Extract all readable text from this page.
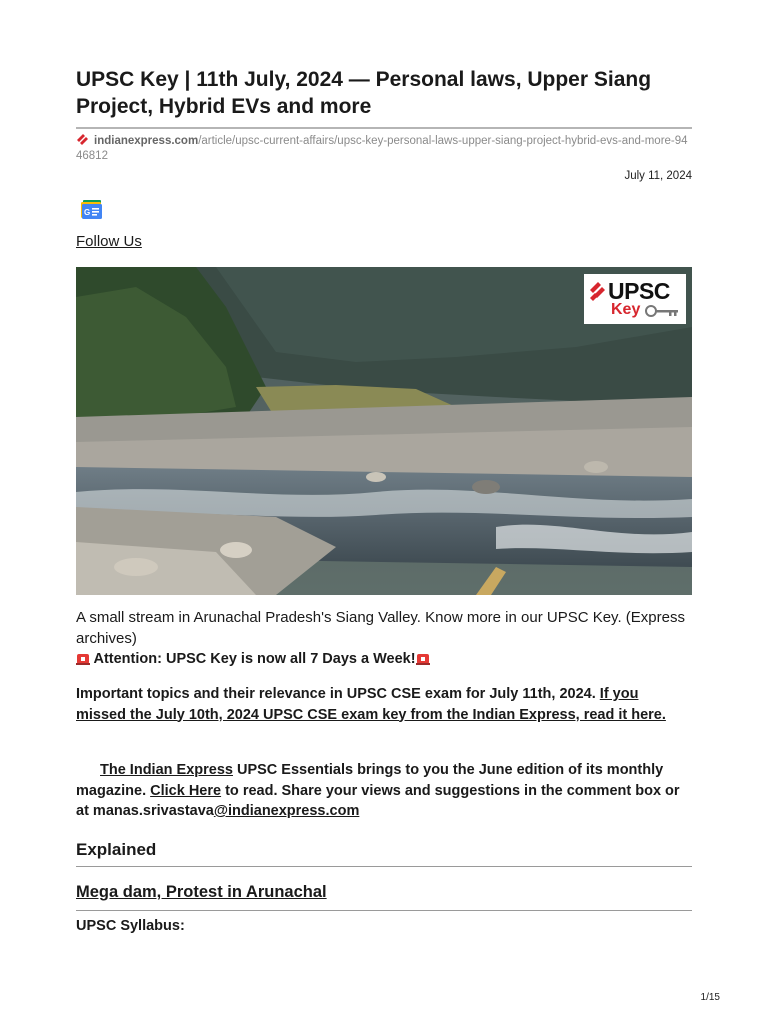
UPSC Key | 11th July, 2024 — Personal laws, Upper Siang Project, Hybrid EVs and more
indianexpress.com/article/upsc-current-affairs/upsc-key-personal-laws-upper-siang-project-hybrid-evs-and-more-9446812
July 11, 2024
G
Follow Us
UPSC
Key
A small stream in Arunachal Pradesh's Siang Valley. Know more in our UPSC Key. (Express archives)
Attention: UPSC Key is now all 7 Days a Week!

Important topics and their relevance in UPSC CSE exam for July 11th, 2024. If you missed the July 10th, 2024 UPSC CSE exam key from the Indian Express, read it here.

The Indian Express UPSC Essentials brings to you the June edition of its monthly magazine. Click Here to read. Share your views and suggestions in the comment box or at manas.srivastava@indianexpress.com

Explained
Mega dam, Protest in Arunachal
UPSC Syllabus:
1/15
